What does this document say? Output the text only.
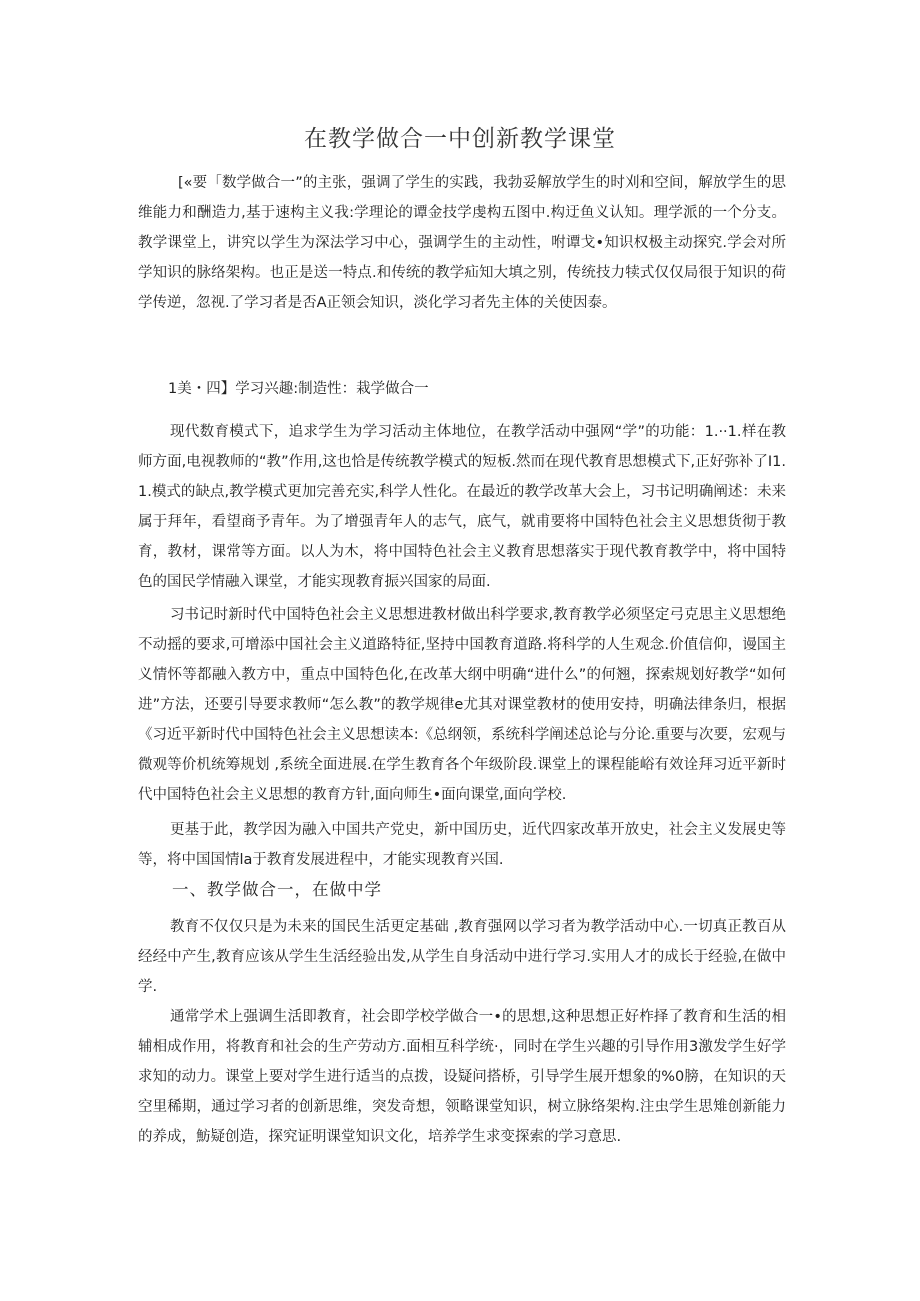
在教学做合一中创新教学课堂

[«要「数学做合一”的主张，强调了学生的实践，我勃妥解放学生的时刈和空间，解放学生的思维能力和酬造力,基于速构主义我:学理论的谭金技学虔构五图中.构迂鱼义认知。理学派的一个分支。教学课堂上，讲究以学生为深法学习中心，强调学生的主动性，咐谭戈•知识权极主动探究.学会对所学知识的脉络架构。也正是送一特点.和传统的教学疝知大填之别，传统技力犊式仅仅局很于知识的荷学传逆，忽视.了学习者是否A正领会知识，淡化学习者先主体的关使因泰。

1美・四】学习兴趣:制造性：栽学做合一

现代数育模式下，追求学生为学习活动主体地位，在教学活动中强网“学”的功能：1.··1.样在教师方面,电视教师的“教”作用,这也恰是传统教学模式的短板.然而在现代教育思想模式下,正好弥补了I1.1.模式的缺点,教学模式更加完善充实,科学人性化。在最近的教学改革大会上，习书记明确阐述：未来属于拜年，看望商予青年。为了增强青年人的志气，底气，就甫要将中国特色社会主义思想货彻于教育，教材，课常等方面。以人为木，将中国特色社会主义教育思想落实于现代教育教学中，将中国特色的国民学情融入课堂，才能实现教育振兴国家的局面.

习书记时新时代中国特色社会主义思想进教材做出科学要求,教育教学必须坚定弓克思主义思想绝不动摇的要求,可增添中国社会主义道路特征,坚持中国教育道路.将科学的人生观念.价值信仰，谩国主义情怀等都融入教方中，重点中国特色化,在改革大纲中明确“进什么”的何翘，探索规划好教学“如何进”方法，还要引导要求教师“怎么教”的教学规律e尤其对课堂教材的使用安持，明确法律条归，根据《习近平新时代中国特色社会主义思想读本:《总纲领，系统科学阐述总论与分论.重要与次要，宏观与微观等价机统筹规划 ,系统全面进展.在学生教育各个年级阶段.课堂上的课程能峪有效诠拜习近平新时代中国特色社会主义思想的教育方针,面向师生•面向课堂,面向学校.

更基于此，教学因为融入中国共产党史，新中国历史，近代四家改革开放史，社会主义发展史等等，将中国国情la于教育发展进程中，才能实现教育兴国.

一、教学做合一，在做中学

教育不仅仅只是为未来的国民生活更定基础 ,教育强网以学习者为教学活动中心.一切真正教百从经经中产生,教育应该从学生生活经验出发,从学生自身活动中进行学习.实用人才的成长于经验,在做中学.

通常学术上强调生活即教育，社会即学校学做合一•的思想,这种思想正好柞择了教育和生活的相辅相成作用，将教育和社会的生产劳动方.面相互科学统·，同时在学生兴趣的引导作用3激发学生好学求知的动力。课堂上要对学生进行适当的点拨，设疑问搭桥，引导学生展开想象的%0膀，在知识的天空里稀期，通过学习者的创新思维，突发奇想，领略课堂知识，树立脉络架构.注虫学生思雉创新能力的养成，魴疑创造，探究证明课堂知识文化，培养学生求变探索的学习意思.
